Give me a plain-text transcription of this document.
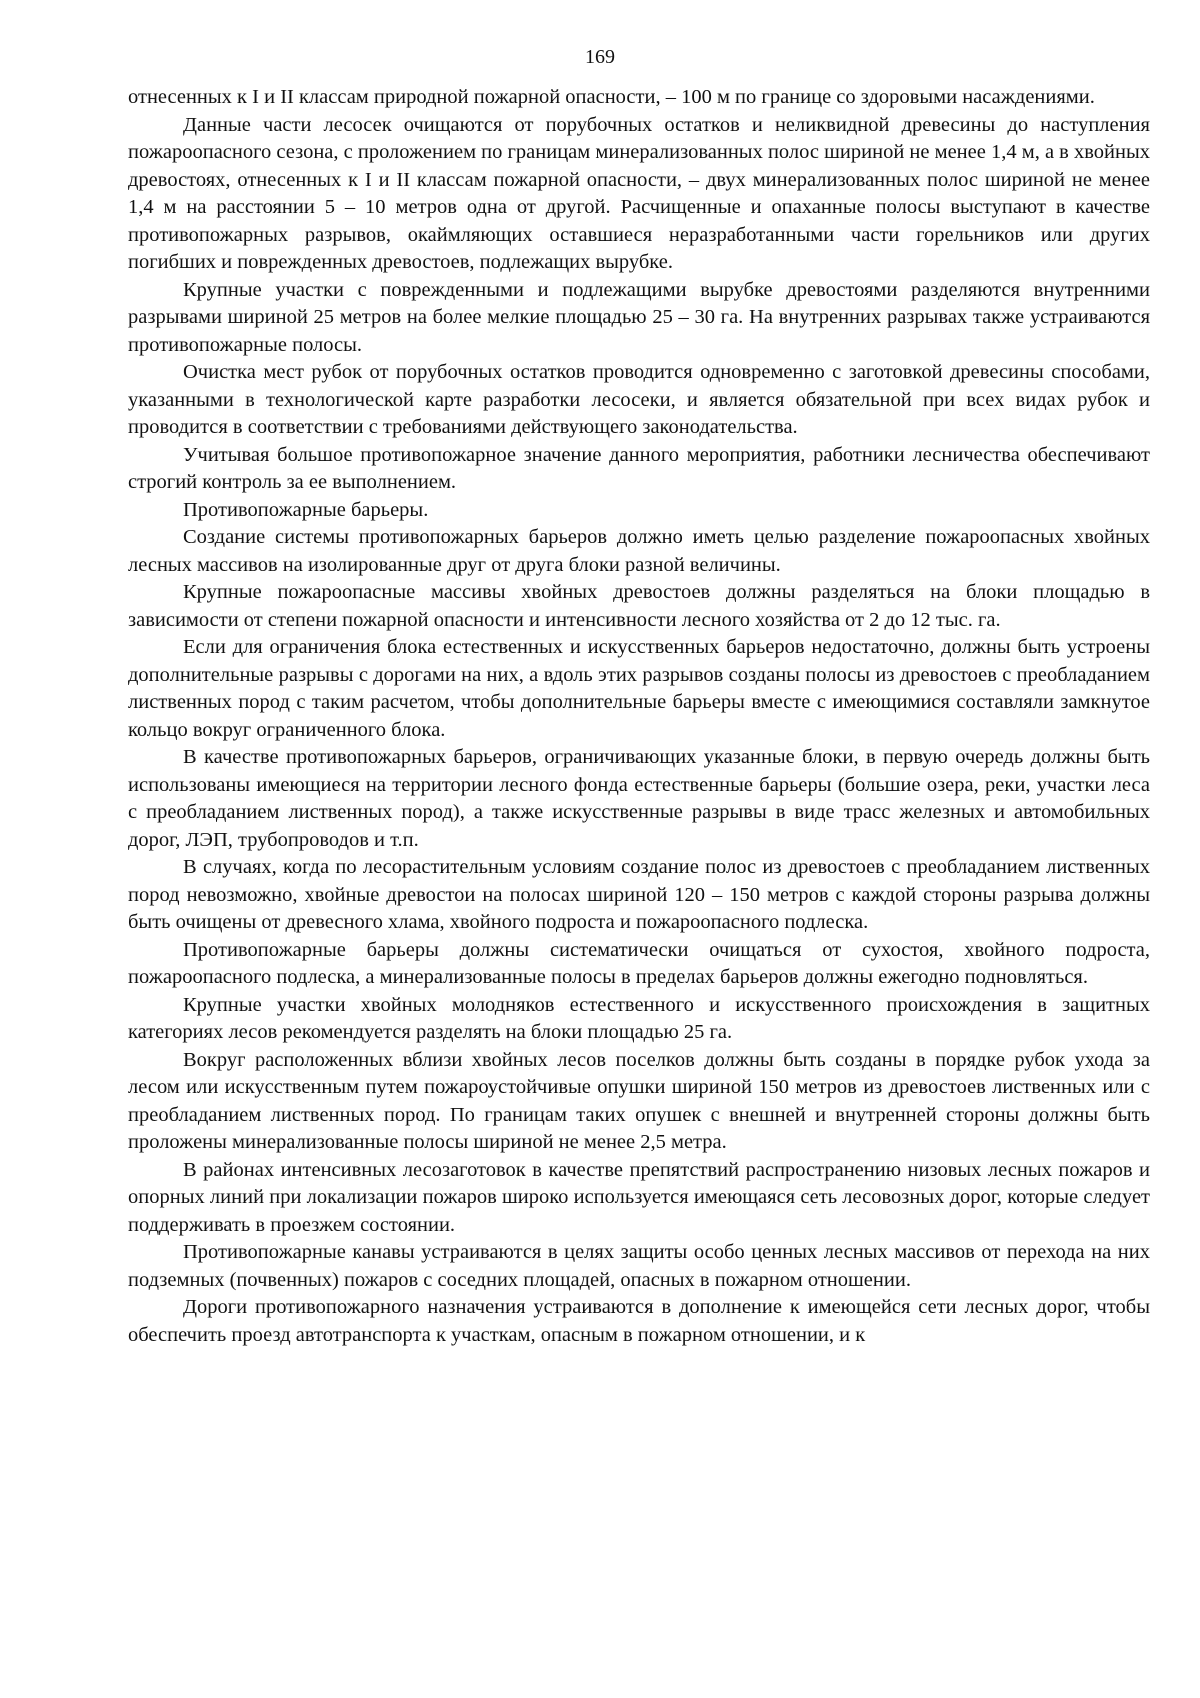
169

отнесенных к I и II классам природной пожарной опасности, – 100 м по границе со здоровыми насаждениями.

Данные части лесосек очищаются от порубочных остатков и неликвидной древесины до наступления пожароопасного сезона, с проложением по границам минерализованных полос шириной не менее 1,4 м, а в хвойных древостоях, отнесенных к I и II классам пожарной опасности, – двух минерализованных полос шириной не менее 1,4 м на расстоянии 5 – 10 метров одна от другой. Расчищенные и опаханные полосы выступают в качестве противопожарных разрывов, окаймляющих оставшиеся неразработанными части горельников или других погибших и поврежденных древостоев, подлежащих вырубке.

Крупные участки с поврежденными и подлежащими вырубке древостоями разделяются внутренними разрывами шириной 25 метров на более мелкие площадью 25 – 30 га. На внутренних разрывах также устраиваются противопожарные полосы.

Очистка мест рубок от порубочных остатков проводится одновременно с заготовкой древесины способами, указанными в технологической карте разработки лесосеки, и является обязательной при всех видах рубок и проводится в соответствии с требованиями действующего законодательства.

Учитывая большое противопожарное значение данного мероприятия, работники лесничества обеспечивают строгий контроль за ее выполнением.

Противопожарные барьеры.

Создание системы противопожарных барьеров должно иметь целью разделение пожароопасных хвойных лесных массивов на изолированные друг от друга блоки разной величины.

Крупные пожароопасные массивы хвойных древостоев должны разделяться на блоки площадью в зависимости от степени пожарной опасности и интенсивности лесного хозяйства от 2 до 12 тыс. га.

Если для ограничения блока естественных и искусственных барьеров недостаточно, должны быть устроены дополнительные разрывы с дорогами на них, а вдоль этих разрывов созданы полосы из древостоев с преобладанием лиственных пород с таким расчетом, чтобы дополнительные барьеры вместе с имеющимися составляли замкнутое кольцо вокруг ограниченного блока.

В качестве противопожарных барьеров, ограничивающих указанные блоки, в первую очередь должны быть использованы имеющиеся на территории лесного фонда естественные барьеры (большие озера, реки, участки леса с преобладанием лиственных пород), а также искусственные разрывы в виде трасс железных и автомобильных дорог, ЛЭП, трубопроводов и т.п.

В случаях, когда по лесорастительным условиям создание полос из древостоев с преобладанием лиственных пород невозможно, хвойные древостои на полосах шириной 120 – 150 метров с каждой стороны разрыва должны быть очищены от древесного хлама, хвойного подроста и пожароопасного подлеска.

Противопожарные барьеры должны систематически очищаться от сухостоя, хвойного подроста, пожароопасного подлеска, а минерализованные полосы в пределах барьеров должны ежегодно подновляться.

Крупные участки хвойных молодняков естественного и искусственного происхождения в защитных категориях лесов рекомендуется разделять на блоки площадью 25 га.

Вокруг расположенных вблизи хвойных лесов поселков должны быть созданы в порядке рубок ухода за лесом или искусственным путем пожароустойчивые опушки шириной 150 метров из древостоев лиственных или с преобладанием лиственных пород. По границам таких опушек с внешней и внутренней стороны должны быть проложены минерализованные полосы шириной не менее 2,5 метра.

В районах интенсивных лесозаготовок в качестве препятствий распространению низовых лесных пожаров и опорных линий при локализации пожаров широко используется имеющаяся сеть лесовозных дорог, которые следует поддерживать в проезжем состоянии.

Противопожарные канавы устраиваются в целях защиты особо ценных лесных массивов от перехода на них подземных (почвенных) пожаров с соседних площадей, опасных в пожарном отношении.

Дороги противопожарного назначения устраиваются в дополнение к имеющейся сети лесных дорог, чтобы обеспечить проезд автотранспорта к участкам, опасным в пожарном отношении, и к
